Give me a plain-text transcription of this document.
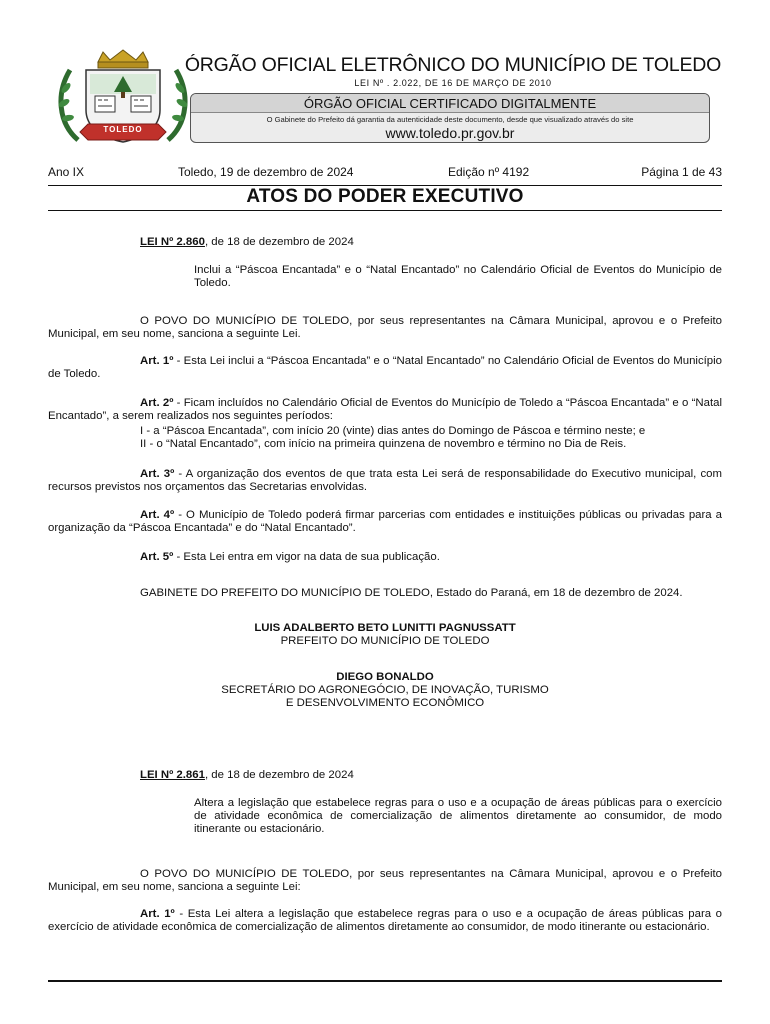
TOLEDO
ÓRGÃO OFICIAL ELETRÔNICO DO MUNICÍPIO DE TOLEDO
LEI Nº . 2.022, DE 16 DE MARÇO DE 2010
ÓRGÃO OFICIAL CERTIFICADO DIGITALMENTE
O Gabinete do Prefeito dá garantia da autenticidade deste documento, desde que visualizado através do site
www.toledo.pr.gov.br
Ano IX	Toledo, 19 de dezembro de 2024	Edição nº 4192	Página 1 de 43
ATOS DO PODER EXECUTIVO
LEI Nº 2.860, de 18 de dezembro de 2024
Inclui a “Páscoa Encantada” e o “Natal Encantado” no Calendário Oficial de Eventos do Município de Toledo.
O POVO DO MUNICÍPIO DE TOLEDO, por seus representantes na Câmara Municipal, aprovou e o Prefeito Municipal, em seu nome, sanciona a seguinte Lei.
Art. 1º - Esta Lei inclui a “Páscoa Encantada” e o “Natal Encantado” no Calendário Oficial de Eventos do Município de Toledo.
Art. 2º - Ficam incluídos no Calendário Oficial de Eventos do Município de Toledo a “Páscoa Encantada” e o “Natal Encantado”, a serem realizados nos seguintes períodos:
I - a “Páscoa Encantada”, com início 20 (vinte) dias antes do Domingo de Páscoa e término neste; e
II - o “Natal Encantado”, com início na primeira quinzena de novembro e término no Dia de Reis.
Art. 3º - A organização dos eventos de que trata esta Lei será de responsabilidade do Executivo municipal, com recursos previstos nos orçamentos das Secretarias envolvidas.
Art. 4º - O Município de Toledo poderá firmar parcerias com entidades e instituições públicas ou privadas para a organização da “Páscoa Encantada” e do “Natal Encantado”.
Art. 5º - Esta Lei entra em vigor na data de sua publicação.
GABINETE DO PREFEITO DO MUNICÍPIO DE TOLEDO, Estado do Paraná, em 18 de dezembro de 2024.
LUIS ADALBERTO BETO LUNITTI PAGNUSSATT
PREFEITO DO MUNICÍPIO DE TOLEDO
DIEGO BONALDO
SECRETÁRIO DO AGRONEGÓCIO, DE INOVAÇÃO, TURISMO
E DESENVOLVIMENTO ECONÔMICO
LEI Nº 2.861, de 18 de dezembro de 2024
Altera a legislação que estabelece regras para o uso e a ocupação de áreas públicas para o exercício de atividade econômica de comercialização de alimentos diretamente ao consumidor, de modo itinerante ou estacionário.
O POVO DO MUNICÍPIO DE TOLEDO, por seus representantes na Câmara Municipal, aprovou e o Prefeito Municipal, em seu nome, sanciona a seguinte Lei:
Art. 1º - Esta Lei altera a legislação que estabelece regras para o uso e a ocupação de áreas públicas para o exercício de atividade econômica de comercialização de alimentos diretamente ao consumidor, de modo itinerante ou estacionário.
